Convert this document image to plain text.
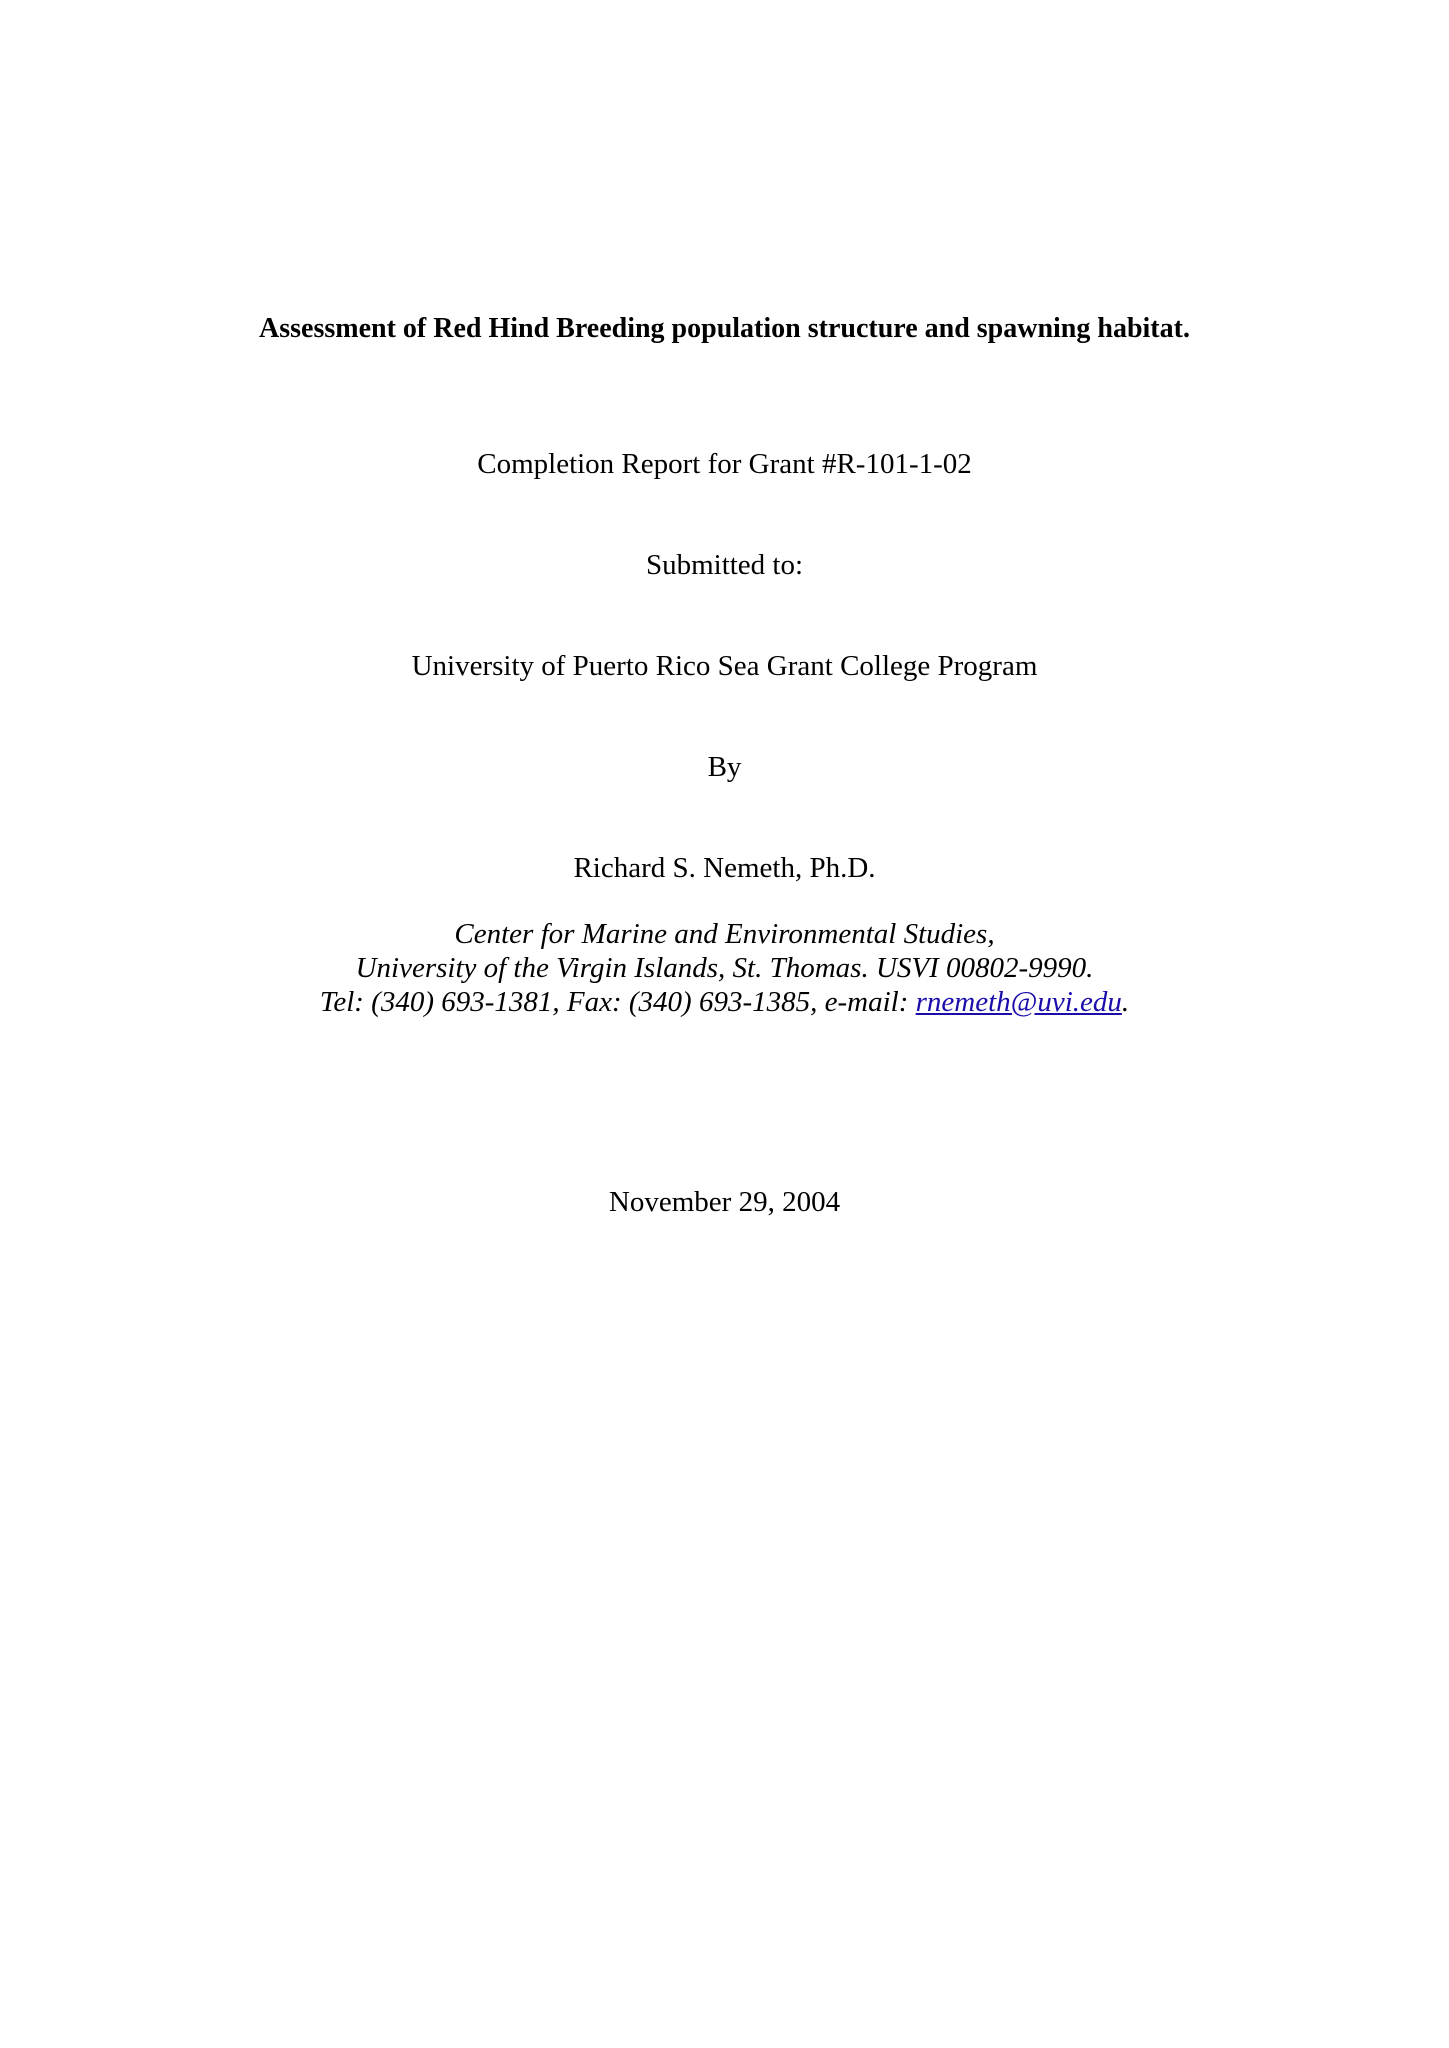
Assessment of Red Hind Breeding population structure and spawning habitat.
Completion Report for Grant #R-101-1-02
Submitted to:
University of Puerto Rico Sea Grant College Program
By
Richard S. Nemeth, Ph.D.
Center for Marine and Environmental Studies,
University of the Virgin Islands, St. Thomas. USVI 00802-9990.
Tel: (340) 693-1381, Fax: (340) 693-1385, e-mail: rnemeth@uvi.edu.
November 29, 2004
